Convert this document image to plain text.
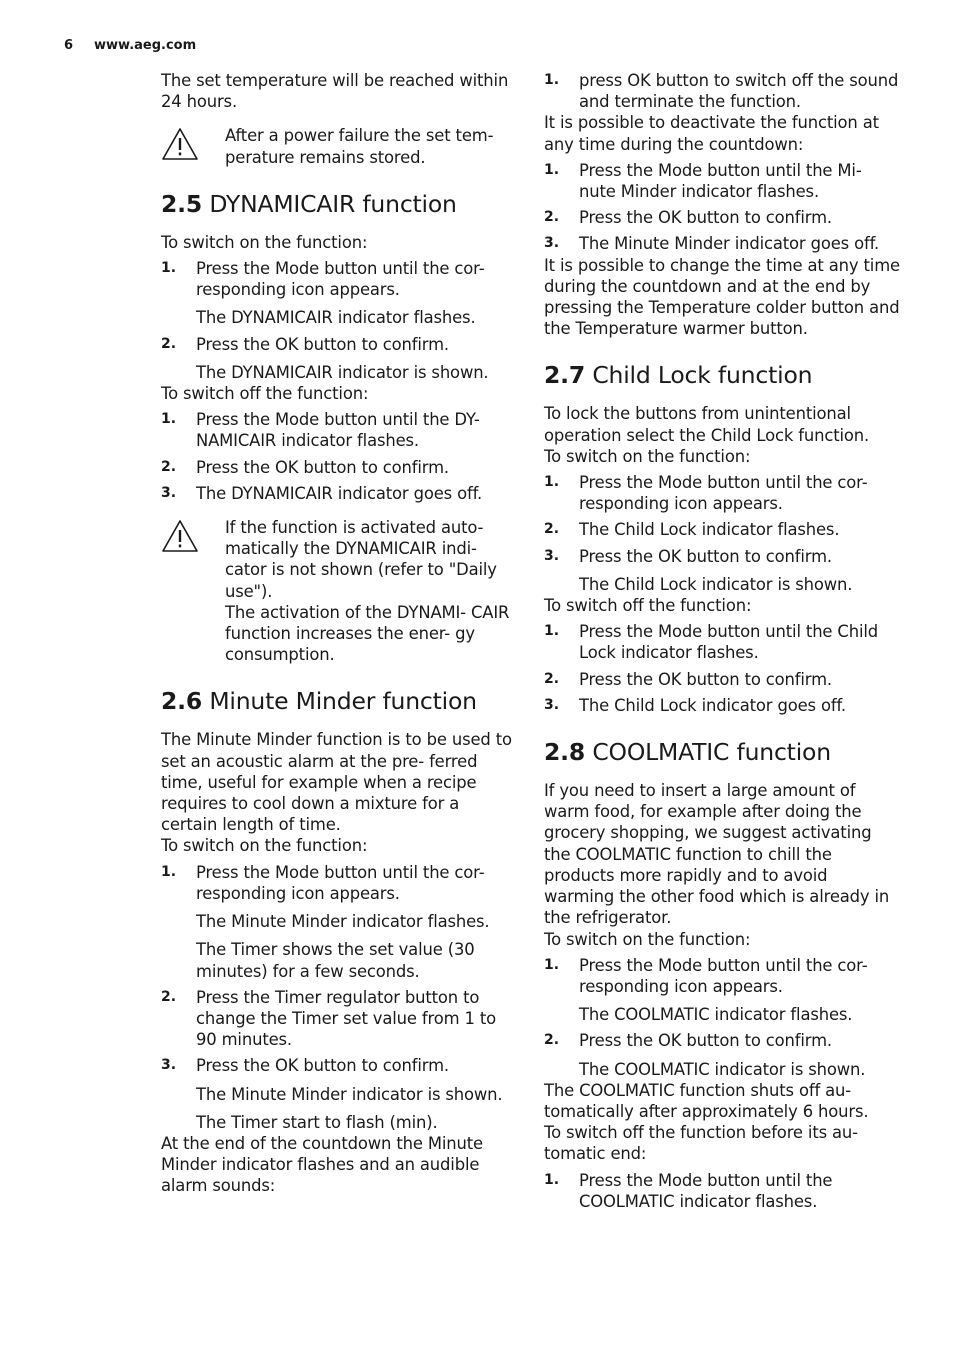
6 www.aeg.com

The set temperature will be reached within 24 hours.

After a power failure the set tem- perature remains stored.

2.5 DYNAMICAIR function

To switch on the function:

1.	Press the Mode button until the cor- responding icon appears.

The DYNAMICAIR indicator flashes.

2.	Press the OK button to confirm.

The DYNAMICAIR indicator is shown.

To switch off the function:

1.	Press the Mode button until the DY- NAMICAIR indicator flashes.
2.	Press the OK button to confirm.
3.	The DYNAMICAIR indicator goes off.

If the function is activated auto- matically the DYNAMICAIR indi- cator is not shown (refer to "Daily use").

The activation of the DYNAMI- CAIR function increases the ener- gy consumption.

2.6 Minute Minder function

The Minute Minder function is to be used to set an acoustic alarm at the pre- ferred time, useful for example when a recipe requires to cool down a mixture for a certain length of time.

To switch on the function:

1.	Press the Mode button until the cor- responding icon appears.

The Minute Minder indicator flashes.

The Timer shows the set value (30 minutes) for a few seconds.

2.	Press the Timer regulator button to change the Timer set value from 1 to 90 minutes.
3.	Press the OK button to confirm.

The Minute Minder indicator is shown.

The Timer start to flash (min).

At the end of the countdown the Minute Minder indicator flashes and an audible alarm sounds:

1.	press OK button to switch off the sound and terminate the function.

It is possible to deactivate the function at any time during the countdown:

1.	Press the Mode button until the Mi- nute Minder indicator flashes.
2.	Press the OK button to confirm.
3.	The Minute Minder indicator goes off.

It is possible to change the time at any time during the countdown and at the end by pressing the Temperature colder button and the Temperature warmer button.

2.7 Child Lock function

To lock the buttons from unintentional operation select the Child Lock function.

To switch on the function:

1.	Press the Mode button until the cor- responding icon appears.
2.	The Child Lock indicator flashes.
3.	Press the OK button to confirm.

The Child Lock indicator is shown.

To switch off the function:

1.	Press the Mode button until the Child Lock indicator flashes.
2.	Press the OK button to confirm.
3.	The Child Lock indicator goes off.
2.8 COOLMATIC function

If you need to insert a large amount of warm food, for example after doing the grocery shopping, we suggest activating the COOLMATIC function to chill the products more rapidly and to avoid warming the other food which is already in the refrigerator.

To switch on the function:

1.	Press the Mode button until the cor- responding icon appears.

The COOLMATIC indicator flashes.

2.	Press the OK button to confirm.

The COOLMATIC indicator is shown.

The COOLMATIC function shuts off au- tomatically after approximately 6 hours.

To switch off the function before its au- tomatic end:

1.	Press the Mode button until the COOLMATIC indicator flashes.
